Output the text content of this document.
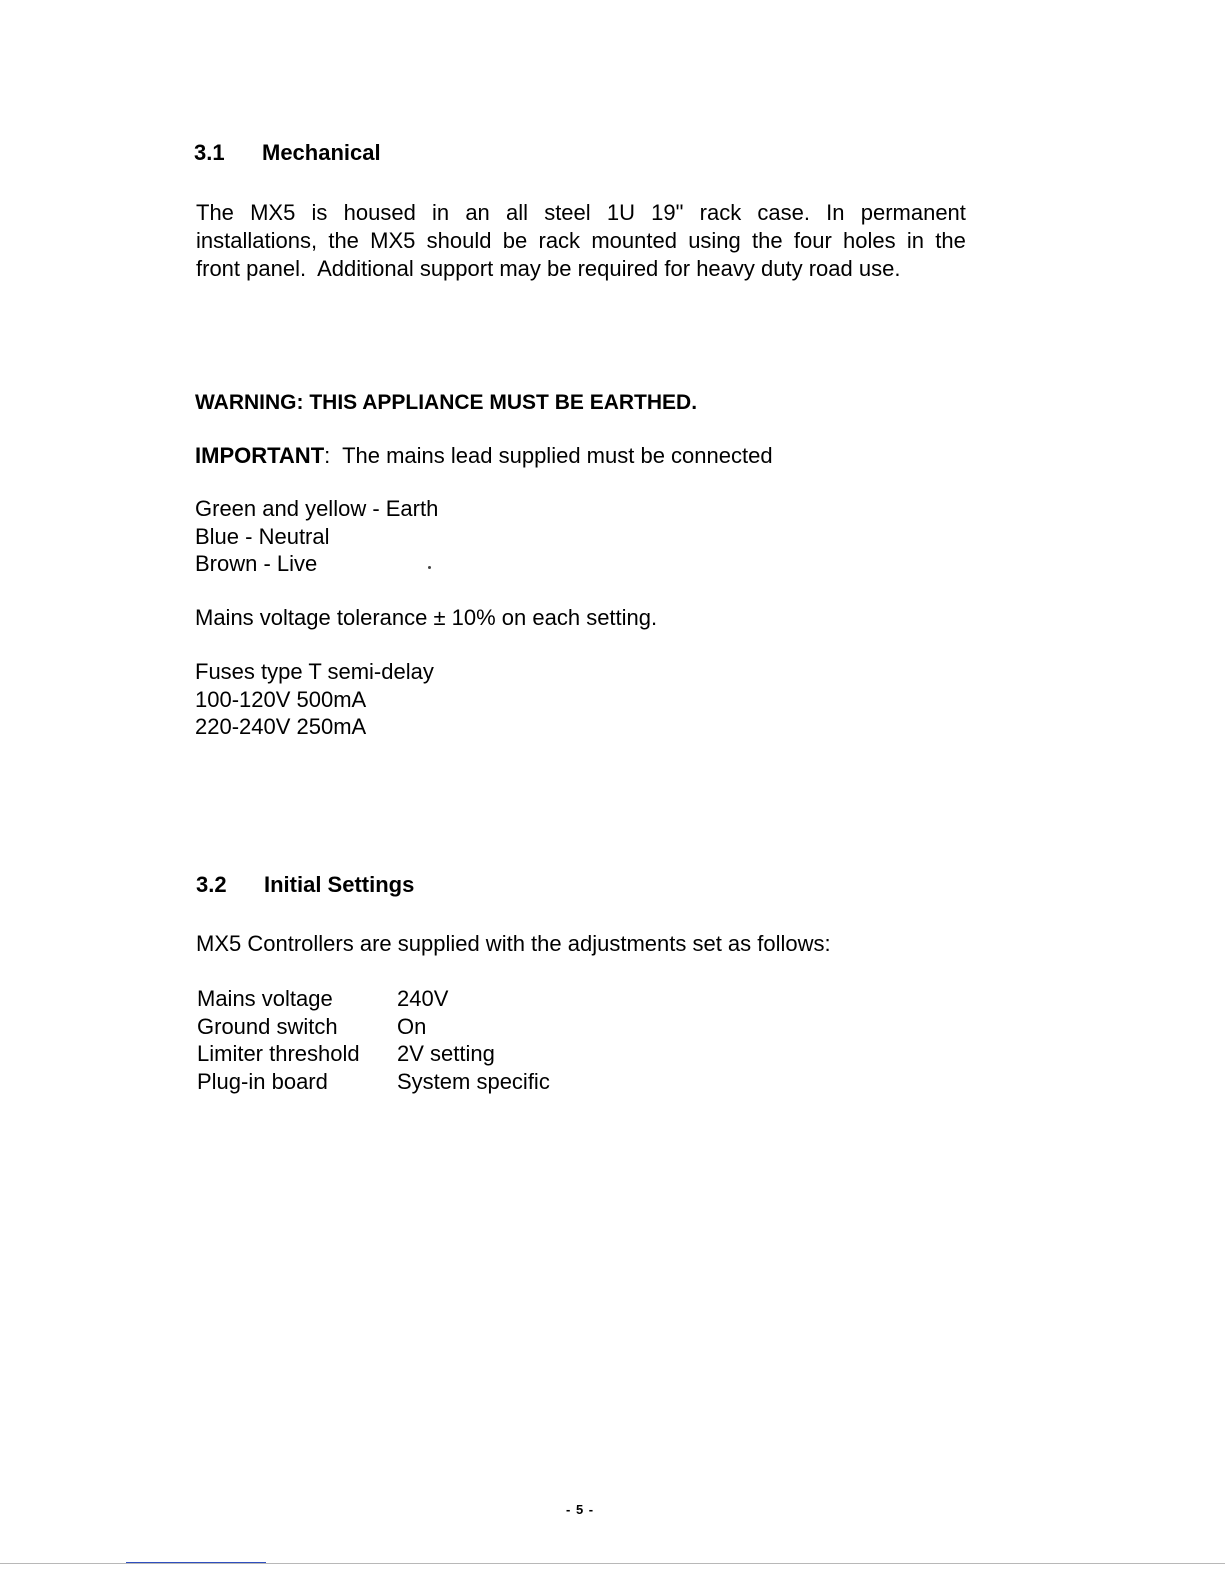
3.1 Mechanical
The MX5 is housed in an all steel 1U 19" rack case. In permanent
installations, the MX5 should be rack mounted using the four holes in the
front panel.  Additional support may be required for heavy duty road use.
WARNING: THIS APPLIANCE MUST BE EARTHED.
IMPORTANT:  The mains lead supplied must be connected
Green and yellow - Earth
Blue - Neutral
Brown - Live
Mains voltage tolerance ± 10% on each setting.
Fuses type T semi-delay
100-120V 500mA
220-240V 250mA
3.2 Initial Settings
MX5 Controllers are supplied with the adjustments set as follows:
Mains voltage	240V
Ground switch	On
Limiter threshold	2V setting
Plug-in board	System specific
- 5 -
